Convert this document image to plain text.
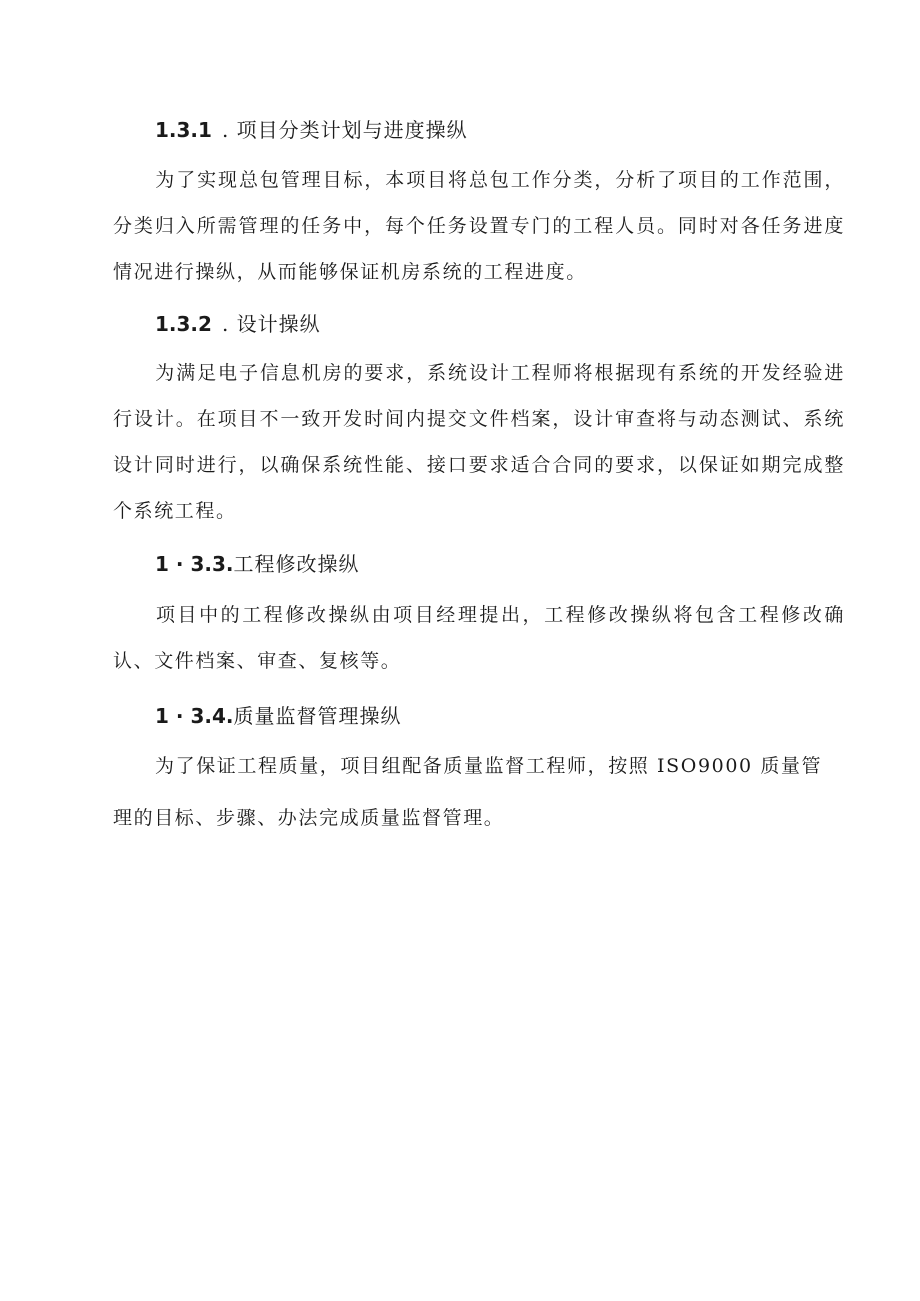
1.3.1 . 项目分类计划与进度操纵
为了实现总包管理目标，本项目将总包工作分类，分析了项目的工作范围，分类归入所需管理的任务中，每个任务设置专门的工程人员。同时对各任务进度情况进行操纵，从而能够保证机房系统的工程进度。
1.3.2 . 设计操纵
为满足电子信息机房的要求，系统设计工程师将根据现有系统的开发经验进行设计。在项目不一致开发时间内提交文件档案，设计审查将与动态测试、系统设计同时进行，以确保系统性能、接口要求适合合同的要求，以保证如期完成整个系统工程。
1 · 3.3.工程修改操纵
项目中的工程修改操纵由项目经理提出，工程修改操纵将包含工程修改确认、文件档案、审查、复核等。
1 · 3.4.质量监督管理操纵
为了保证工程质量，项目组配备质量监督工程师，按照 ISO9000 质量管
理的目标、步骤、办法完成质量监督管理。
